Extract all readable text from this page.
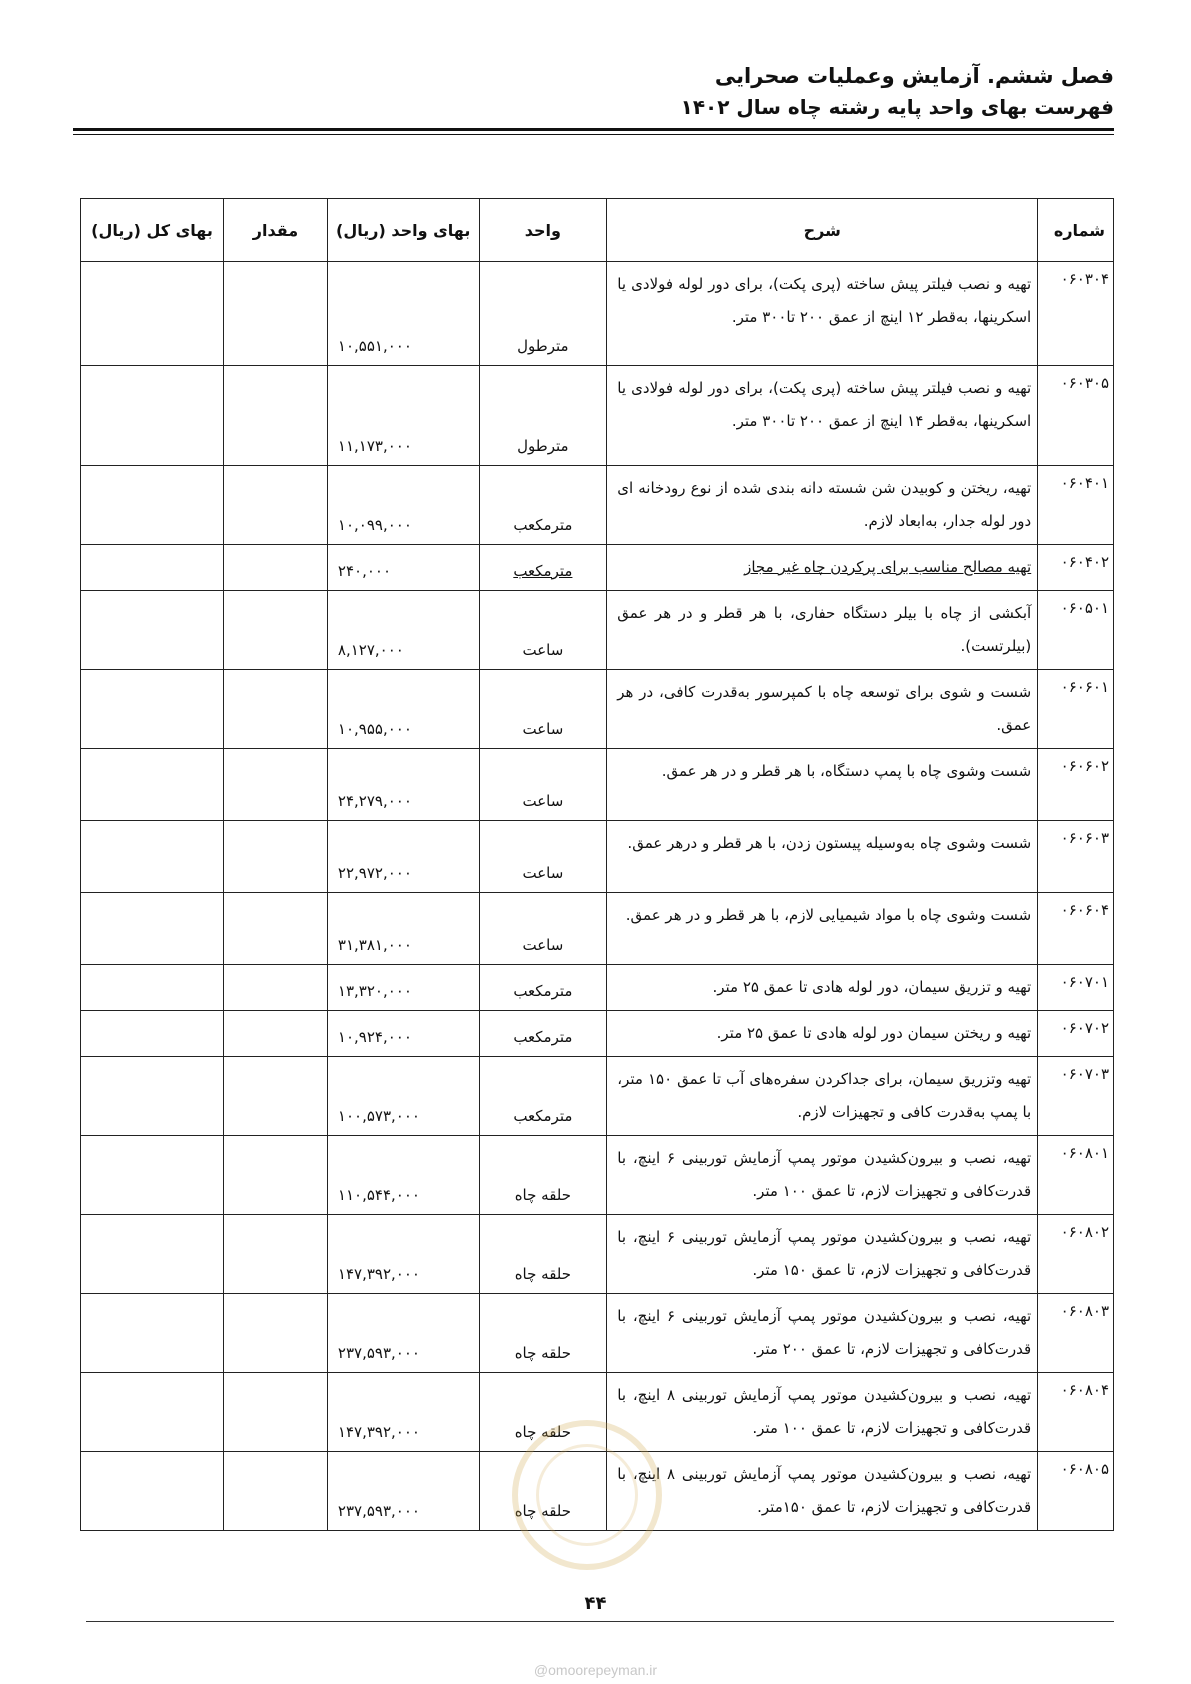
فصل ششم. آزمایش وعملیات صحرایی
فهرست بهای واحد پایه رشته چاه سال ۱۴۰۲
شماره	شرح	واحد	بهای واحد (ریال)	مقدار	بهای کل (ریال)
۰۶۰۳۰۴	تهیه و نصب فیلتر پیش ساخته (پری پکت)، برای دور لوله فولادی یا اسکرینها، به‌قطر ۱۲ اینچ از عمق ۲۰۰ تا۳۰۰ متر.	مترطول	۱۰,۵۵۱,۰۰۰		
۰۶۰۳۰۵	تهیه و نصب فیلتر پیش ساخته (پری پکت)، برای دور لوله فولادی یا اسکرینها، به‌قطر ۱۴ اینچ از عمق ۲۰۰ تا۳۰۰ متر.	مترطول	۱۱,۱۷۳,۰۰۰		
۰۶۰۴۰۱	تهیه، ریختن و کوبیدن شن شسته دانه بندی شده از نوع رودخانه ای دور لوله جدار، به‌ابعاد لازم.	مترمکعب	۱۰,۰۹۹,۰۰۰		
۰۶۰۴۰۲	تهیه مصالح مناسب برای پرکردن چاه غیر مجاز	مترمکعب	۲۴۰,۰۰۰		
۰۶۰۵۰۱	آبکشی از چاه با بیلر دستگاه حفاری، با هر قطر و در هر عمق (بیلرتست).	ساعت	۸,۱۲۷,۰۰۰		
۰۶۰۶۰۱	شست و شوی برای توسعه چاه با کمپرسور به‌قدرت کافی، در هر عمق.	ساعت	۱۰,۹۵۵,۰۰۰		
۰۶۰۶۰۲	شست وشوی چاه با پمپ دستگاه، با هر قطر و در هر عمق.	ساعت	۲۴,۲۷۹,۰۰۰		
۰۶۰۶۰۳	شست وشوی چاه به‌وسیله پیستون زدن، با هر قطر و درهر عمق.	ساعت	۲۲,۹۷۲,۰۰۰		
۰۶۰۶۰۴	شست وشوی چاه با مواد شیمیایی لازم، با هر قطر و در هر عمق.	ساعت	۳۱,۳۸۱,۰۰۰		
۰۶۰۷۰۱	تهیه و تزریق سیمان، دور لوله هادی تا عمق ۲۵ متر.	مترمکعب	۱۳,۳۲۰,۰۰۰		
۰۶۰۷۰۲	تهیه و ریختن سیمان دور لوله هادی تا عمق ۲۵ متر.	مترمکعب	۱۰,۹۲۴,۰۰۰		
۰۶۰۷۰۳	تهیه وتزریق سیمان، برای جداکردن سفره‌های آب تا عمق ۱۵۰ متر، با پمپ به‌قدرت کافی و تجهیزات لازم.	مترمکعب	۱۰۰,۵۷۳,۰۰۰		
۰۶۰۸۰۱	تهیه، نصب و بیرون‌کشیدن موتور پمپ آزمایش توربینی ۶ اینچ، با قدرت‌کافی و تجهیزات لازم، تا عمق ۱۰۰ متر.	حلقه چاه	۱۱۰,۵۴۴,۰۰۰		
۰۶۰۸۰۲	تهیه، نصب و بیرون‌کشیدن موتور پمپ آزمایش توربینی ۶ اینچ، با قدرت‌کافی و تجهیزات لازم، تا عمق ۱۵۰ متر.	حلقه چاه	۱۴۷,۳۹۲,۰۰۰		
۰۶۰۸۰۳	تهیه، نصب و بیرون‌کشیدن موتور پمپ آزمایش توربینی ۶ اینچ، با قدرت‌کافی و تجهیزات لازم، تا عمق ۲۰۰ متر.	حلقه چاه	۲۳۷,۵۹۳,۰۰۰		
۰۶۰۸۰۴	تهیه، نصب و بیرون‌کشیدن موتور پمپ آزمایش توربینی ۸ اینچ، با قدرت‌کافی و تجهیزات لازم، تا عمق ۱۰۰ متر.	حلقه چاه	۱۴۷,۳۹۲,۰۰۰		
۰۶۰۸۰۵	تهیه، نصب و بیرون‌کشیدن موتور پمپ آزمایش توربینی ۸ اینچ، با قدرت‌کافی و تجهیزات لازم، تا عمق ۱۵۰متر.	حلقه چاه	۲۳۷,۵۹۳,۰۰۰		
۴۴
@omoorepeyman.ir
